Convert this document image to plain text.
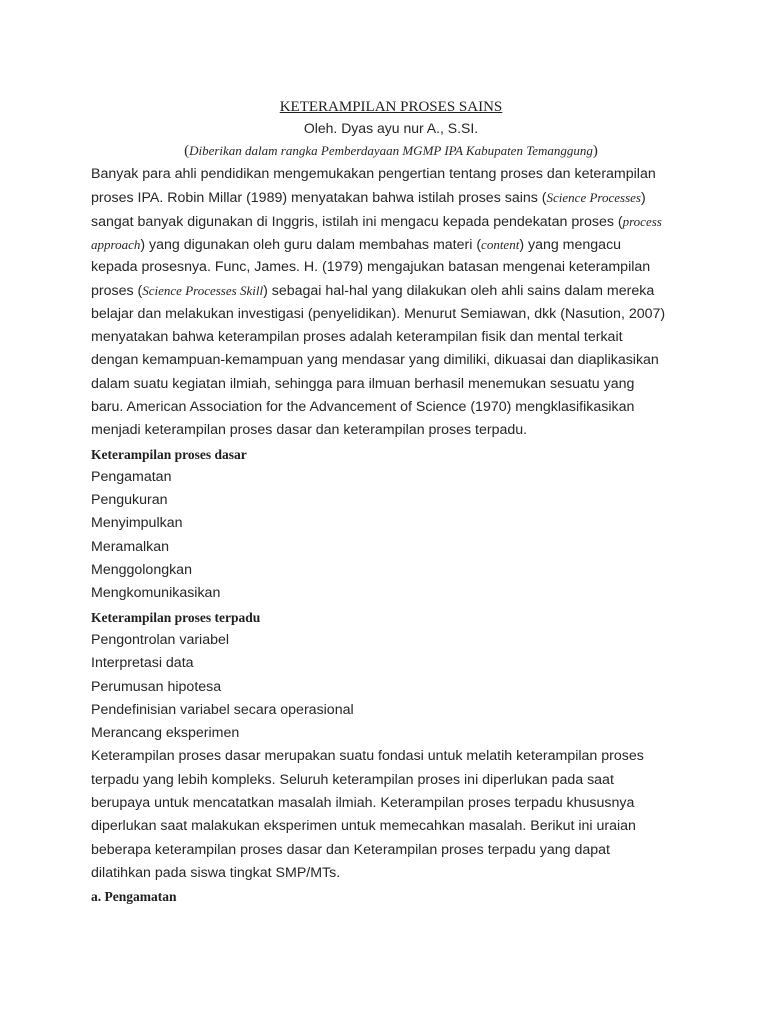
KETERAMPILAN PROSES SAINS
Oleh. Dyas ayu nur A., S.SI.
(Diberikan dalam rangka Pemberdayaan MGMP IPA Kabupaten Temanggung)
Banyak para ahli pendidikan mengemukakan pengertian tentang proses dan keterampilan
proses IPA. Robin Millar (1989) menyatakan bahwa istilah proses sains (Science Processes)
sangat banyak digunakan di Inggris, istilah ini mengacu kepada pendekatan proses (process
approach) yang digunakan oleh guru dalam membahas materi (content) yang mengacu
kepada prosesnya. Func, James. H. (1979) mengajukan batasan mengenai keterampilan
proses (Science Processes Skill) sebagai hal-hal yang dilakukan oleh ahli sains dalam mereka
belajar dan melakukan investigasi (penyelidikan). Menurut Semiawan, dkk (Nasution, 2007)
menyatakan bahwa keterampilan proses adalah keterampilan fisik dan mental terkait
dengan kemampuan-kemampuan yang mendasar yang dimiliki, dikuasai dan diaplikasikan
dalam suatu kegiatan ilmiah, sehingga para ilmuan berhasil menemukan sesuatu yang
baru. American Association for the Advancement of Science (1970) mengklasifikasikan
menjadi keterampilan proses dasar dan keterampilan proses terpadu.
Keterampilan proses dasar
Pengamatan
Pengukuran
Menyimpulkan
Meramalkan
Menggolongkan
Mengkomunikasikan
Keterampilan proses terpadu
Pengontrolan variabel
Interpretasi data
Perumusan hipotesa
Pendefinisian variabel secara operasional
Merancang eksperimen
Keterampilan proses dasar merupakan suatu fondasi untuk melatih keterampilan proses
terpadu yang lebih kompleks. Seluruh keterampilan proses ini diperlukan pada saat
berupaya untuk mencatatkan masalah ilmiah. Keterampilan proses terpadu khususnya
diperlukan saat malakukan eksperimen untuk memecahkan masalah. Berikut ini uraian
beberapa keterampilan proses dasar dan Keterampilan proses terpadu yang dapat
dilatihkan pada siswa tingkat SMP/MTs.
a. Pengamatan
